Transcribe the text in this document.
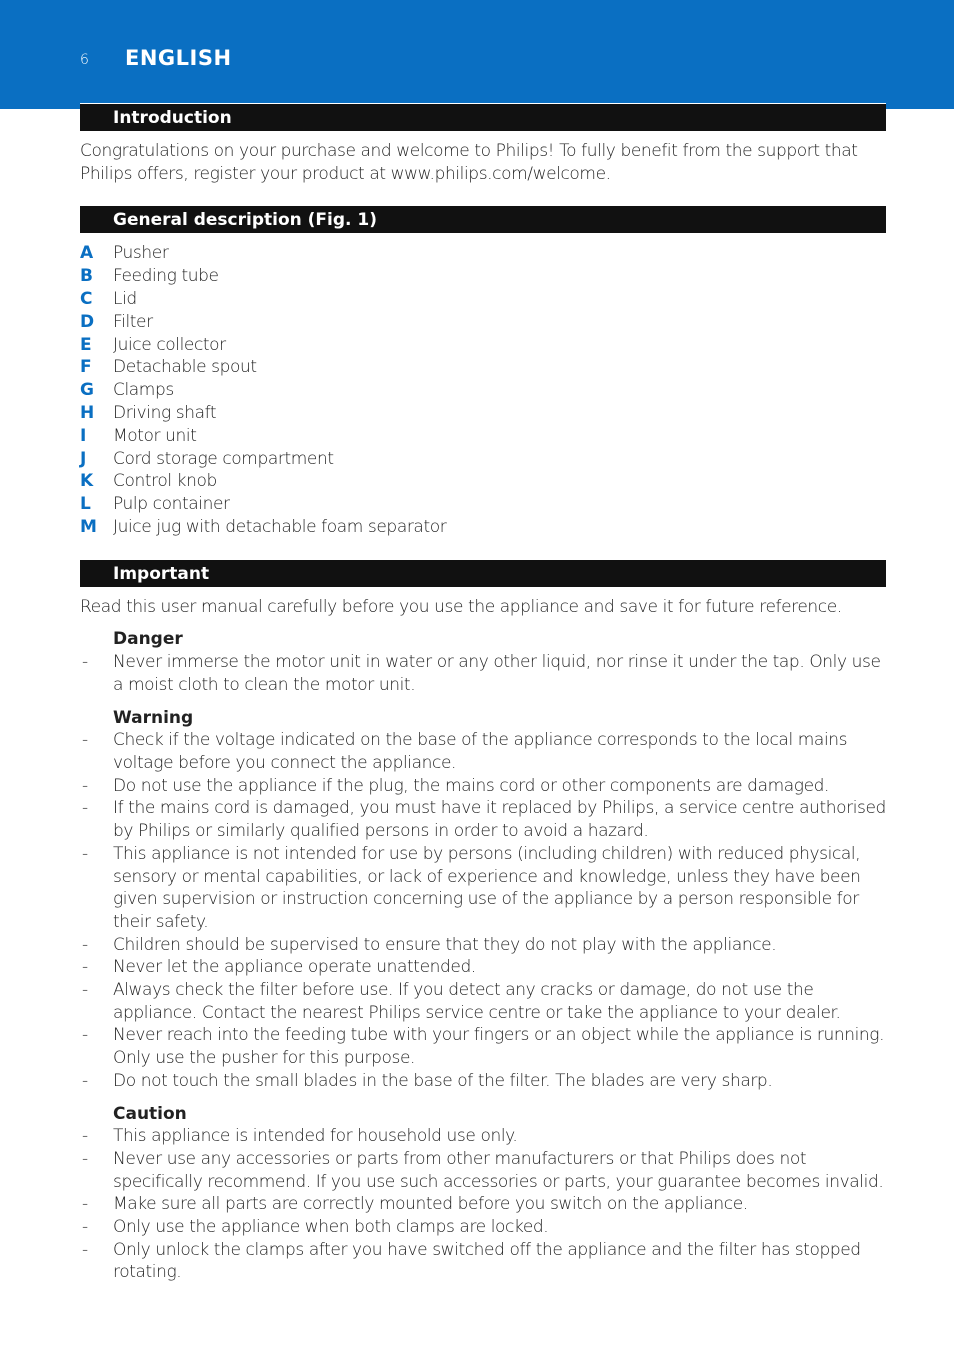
6 ENGLISH
Introduction

Congratulations on your purchase and welcome to Philips! To fully benefit from the support that Philips offers, register your product at www.philips.com/welcome.

General description (Fig. 1)
A	Pusher
B	Feeding tube
C	Lid
D	Filter
E	Juice collector
F	Detachable spout
G	Clamps
H	Driving shaft
I	Motor unit
J	Cord storage compartment
K	Control knob
L	Pulp container
M Juice jug with detachable foam separator
Important

Read this user manual carefully before you use the appliance and save it for future reference.

Danger
-	Never immerse the motor unit in water or any other liquid, nor rinse it under the tap. Only use a moist cloth to clean the motor unit.
Warning
-	Check if the voltage indicated on the base of the appliance corresponds to the local mains voltage before you connect the appliance.
-	Do not use the appliance if the plug, the mains cord or other components are damaged.
-	If the mains cord is damaged, you must have it replaced by Philips, a service centre authorised by Philips or similarly qualified persons in order to avoid a hazard.
-	This appliance is not intended for use by persons (including children) with reduced physical, sensory or mental capabilities, or lack of experience and knowledge, unless they have been given supervision or instruction concerning use of the appliance by a person responsible for their safety.
-	Children should be supervised to ensure that they do not play with the appliance.
-	Never let the appliance operate unattended.
-	Always check the filter before use. If you detect any cracks or damage, do not use the appliance. Contact the nearest Philips service centre or take the appliance to your dealer.
-	Never reach into the feeding tube with your fingers or an object while the appliance is running. Only use the pusher for this purpose.
-	Do not touch the small blades in the base of the filter. The blades are very sharp.
Caution
-	This appliance is intended for household use only.
-	Never use any accessories or parts from other manufacturers or that Philips does not specifically recommend. If you use such accessories or parts, your guarantee becomes invalid.
-	Make sure all parts are correctly mounted before you switch on the appliance.
-	Only use the appliance when both clamps are locked.
-	Only unlock the clamps after you have switched off the appliance and the filter has stopped rotating.
